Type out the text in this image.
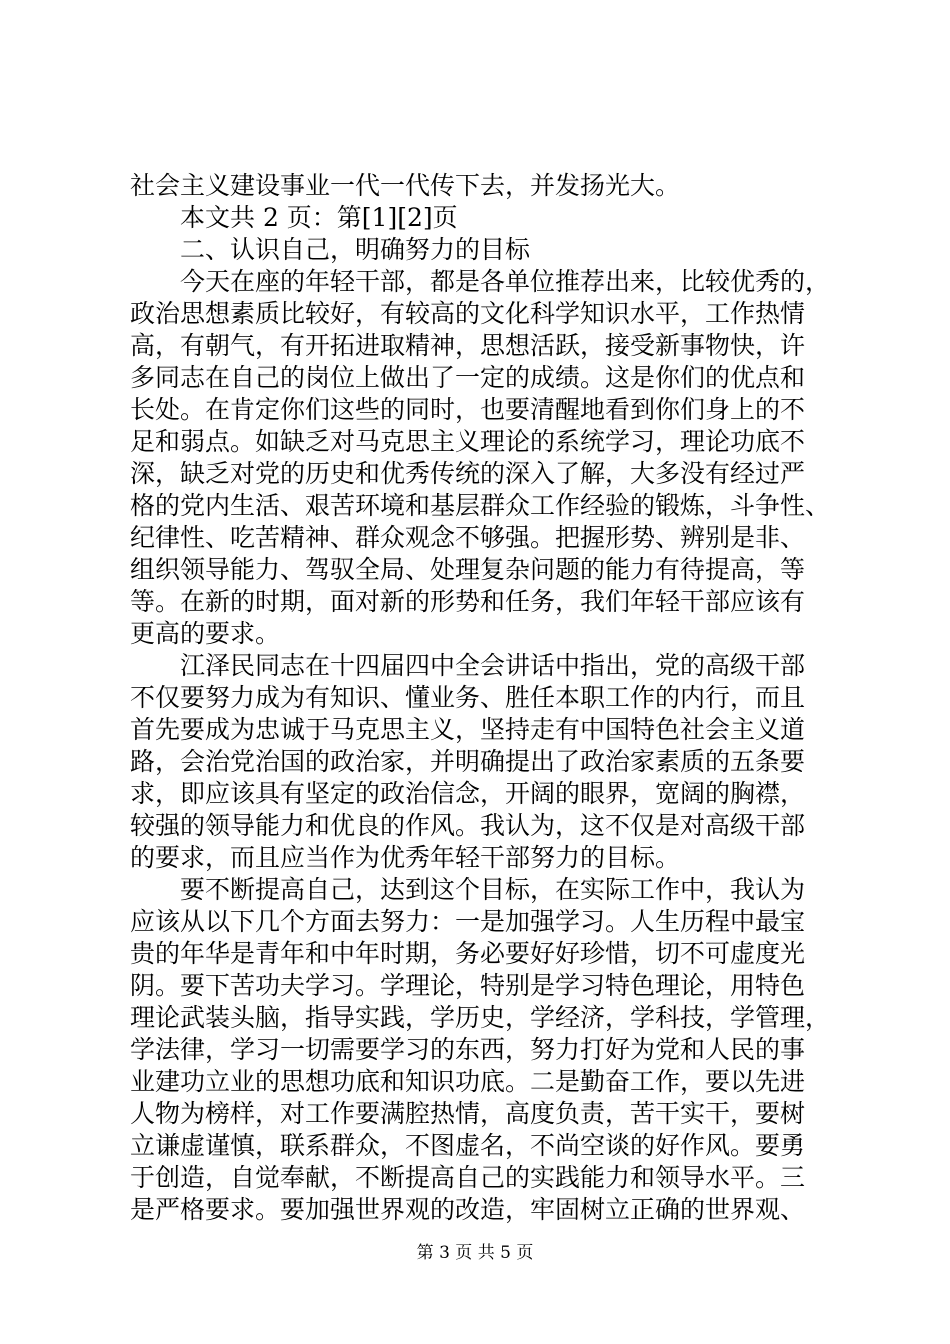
社会主义建设事业一代一代传下去，并发扬光大。
本文共 2 页：第[1][2]页
二、认识自己，明确努力的目标
今天在座的年轻干部，都是各单位推荐出来，比较优秀的，
政治思想素质比较好，有较高的文化科学知识水平，工作热情
高，有朝气，有开拓进取精神，思想活跃，接受新事物快，许
多同志在自己的岗位上做出了一定的成绩。这是你们的优点和
长处。在肯定你们这些的同时，也要清醒地看到你们身上的不
足和弱点。如缺乏对马克思主义理论的系统学习，理论功底不
深，缺乏对党的历史和优秀传统的深入了解，大多没有经过严
格的党内生活、艰苦环境和基层群众工作经验的锻炼，斗争性、
纪律性、吃苦精神、群众观念不够强。把握形势、辨别是非、
组织领导能力、驾驭全局、处理复杂问题的能力有待提高，等
等。在新的时期，面对新的形势和任务，我们年轻干部应该有
更高的要求。
江泽民同志在十四届四中全会讲话中指出，党的高级干部
不仅要努力成为有知识、懂业务、胜任本职工作的内行，而且
首先要成为忠诚于马克思主义，坚持走有中国特色社会主义道
路，会治党治国的政治家，并明确提出了政治家素质的五条要
求，即应该具有坚定的政治信念，开阔的眼界，宽阔的胸襟，
较强的领导能力和优良的作风。我认为，这不仅是对高级干部
的要求，而且应当作为优秀年轻干部努力的目标。
要不断提高自己，达到这个目标，在实际工作中，我认为
应该从以下几个方面去努力：一是加强学习。人生历程中最宝
贵的年华是青年和中年时期，务必要好好珍惜，切不可虚度光
阴。要下苦功夫学习。学理论，特别是学习特色理论，用特色
理论武装头脑，指导实践，学历史，学经济，学科技，学管理，
学法律，学习一切需要学习的东西，努力打好为党和人民的事
业建功立业的思想功底和知识功底。二是勤奋工作，要以先进
人物为榜样，对工作要满腔热情，高度负责，苦干实干，要树
立谦虚谨慎，联系群众，不图虚名，不尚空谈的好作风。要勇
于创造，自觉奉献，不断提高自己的实践能力和领导水平。三
是严格要求。要加强世界观的改造，牢固树立正确的世界观、
第 3 页 共 5 页
